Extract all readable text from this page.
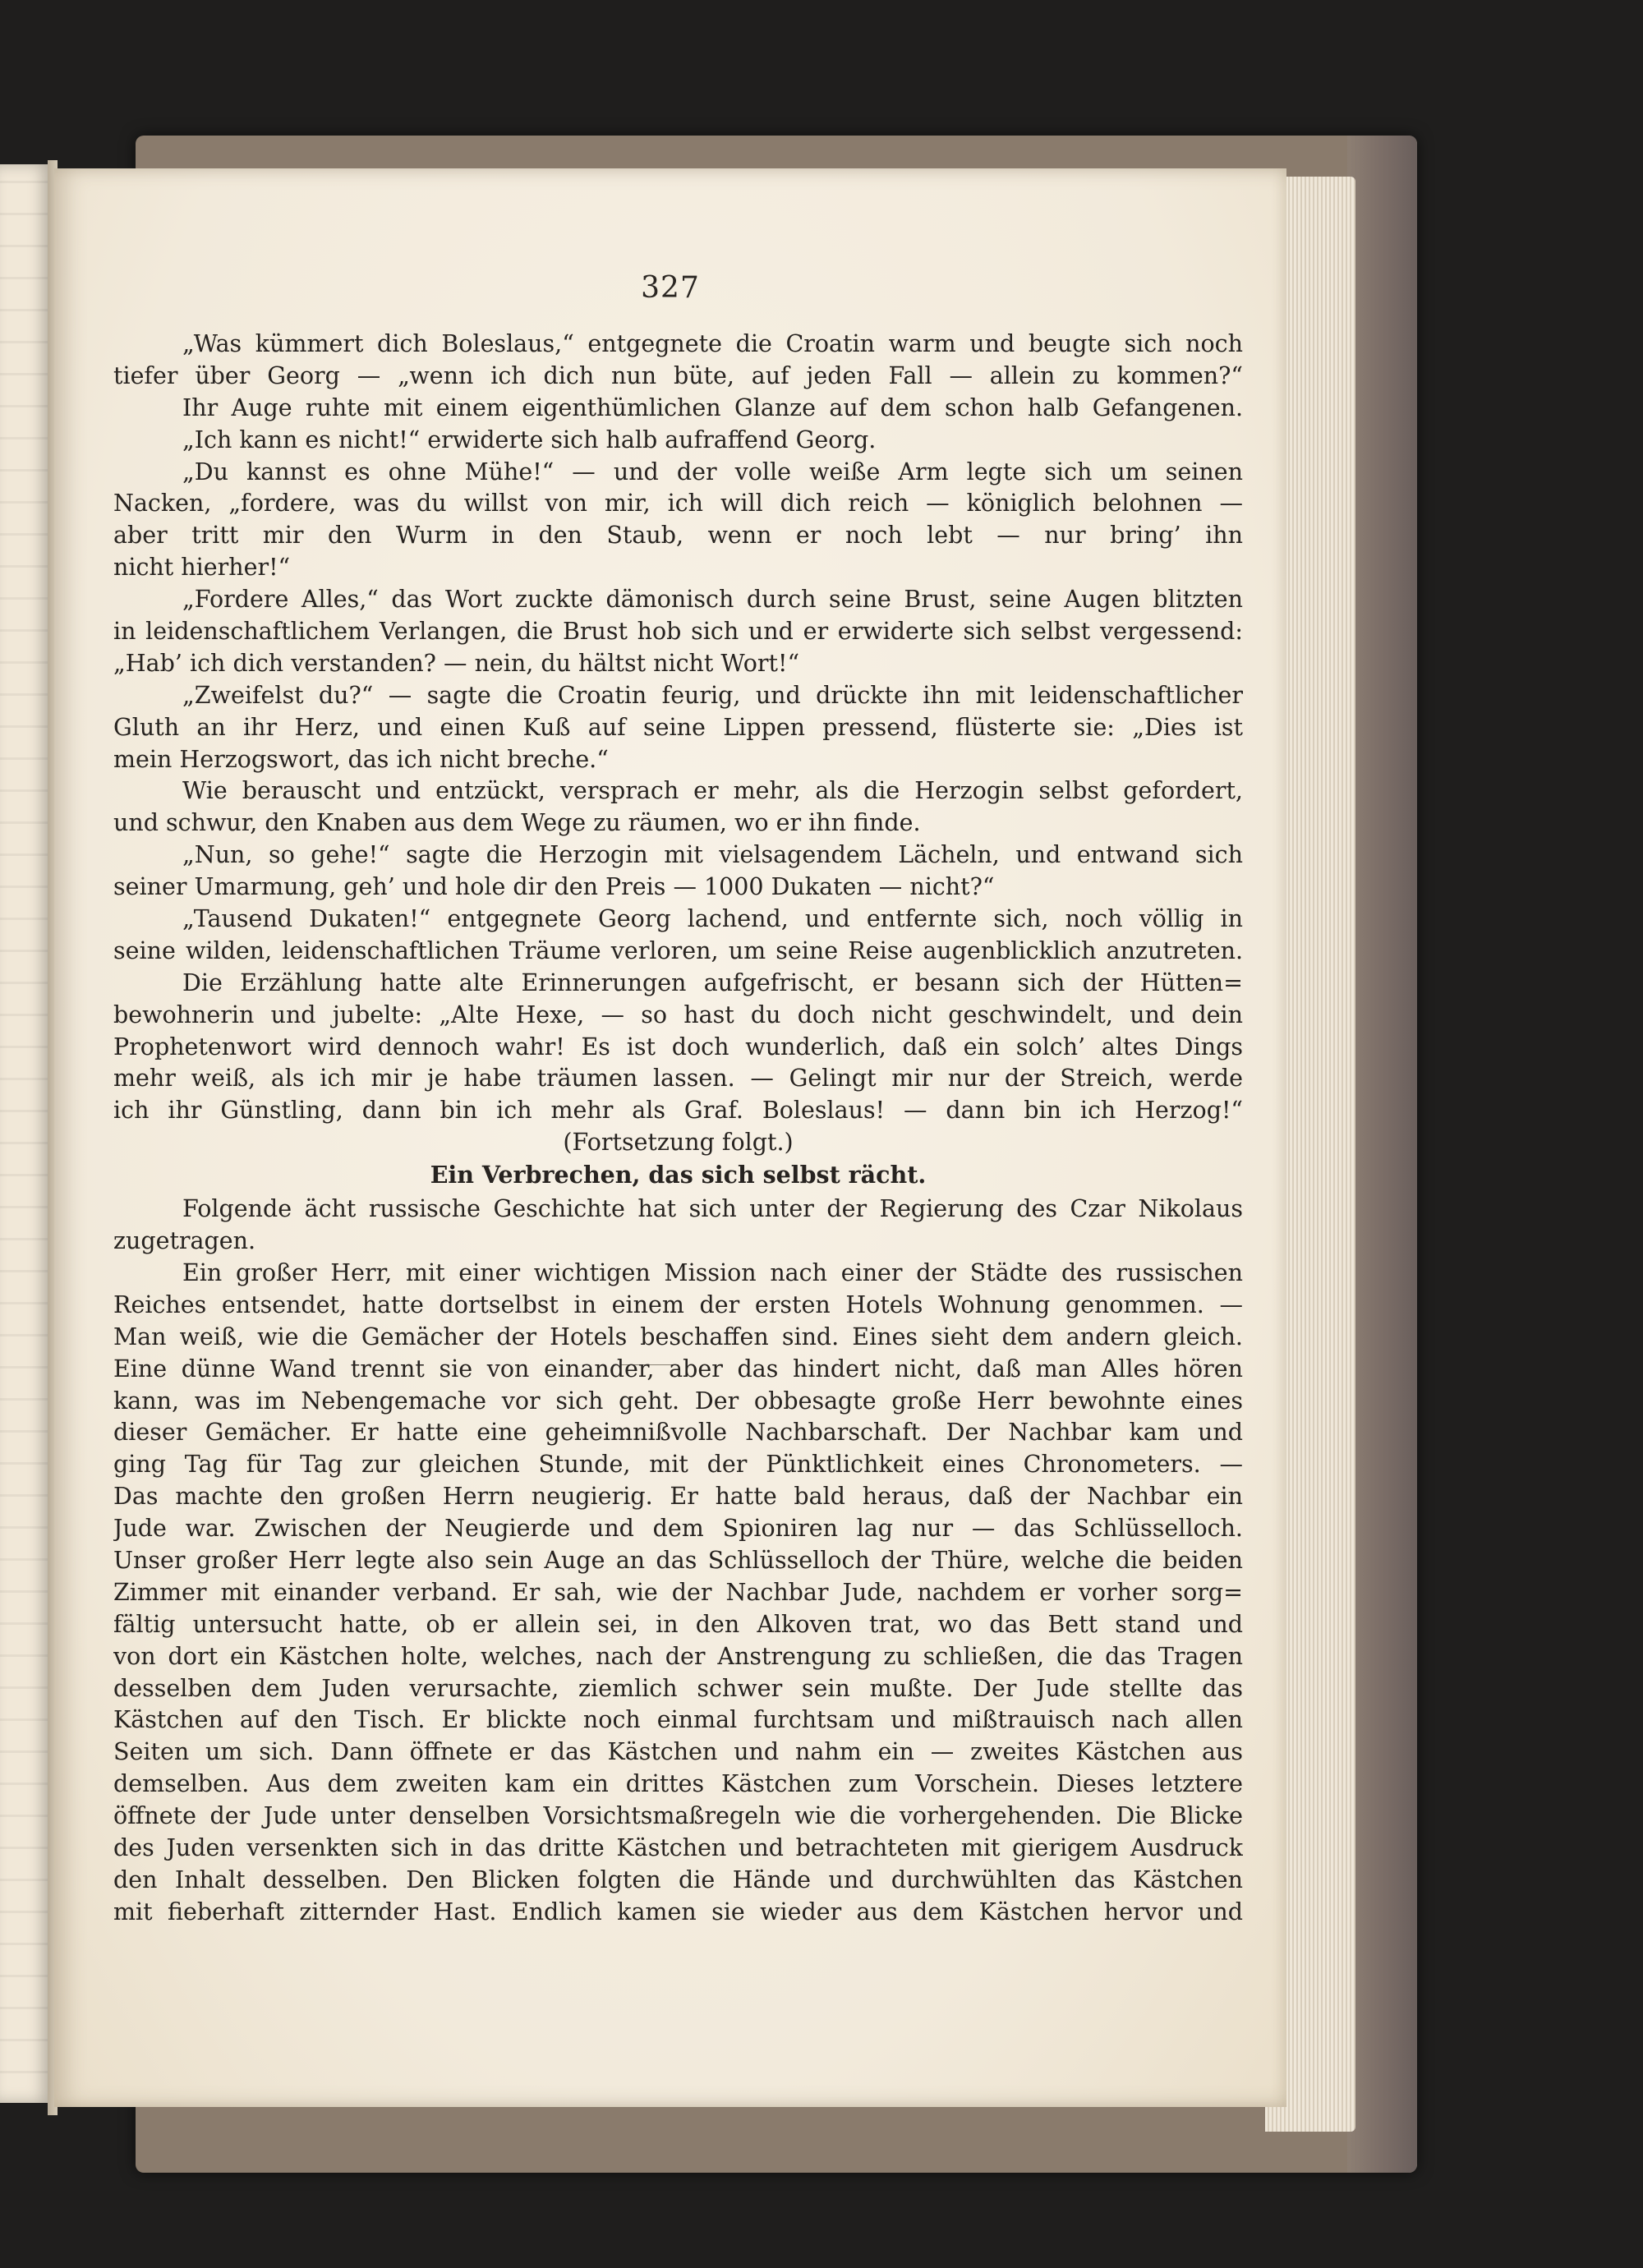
327
„Was kümmert dich Boleslaus,“ entgegnete die Croatin warm und beugte sich noch
tiefer über Georg — „wenn ich dich nun büte, auf jeden Fall — allein zu kommen?“
Ihr Auge ruhte mit einem eigenthümlichen Glanze auf dem schon halb Gefangenen.
„Ich kann es nicht!“ erwiderte sich halb aufraffend Georg.
„Du kannst es ohne Mühe!“ — und der volle weiße Arm legte sich um seinen
Nacken, „fordere, was du willst von mir, ich will dich reich — königlich belohnen —
aber tritt mir den Wurm in den Staub, wenn er noch lebt — nur bring’ ihn
nicht hierher!“
„Fordere Alles,“ das Wort zuckte dämonisch durch seine Brust, seine Augen blitzten
in leidenschaftlichem Verlangen, die Brust hob sich und er erwiderte sich selbst vergessend:
„Hab’ ich dich verstanden? — nein, du hältst nicht Wort!“
„Zweifelst du?“ — sagte die Croatin feurig, und drückte ihn mit leidenschaftlicher
Gluth an ihr Herz, und einen Kuß auf seine Lippen pressend, flüsterte sie: „Dies ist
mein Herzogswort, das ich nicht breche.“
Wie berauscht und entzückt, versprach er mehr, als die Herzogin selbst gefordert,
und schwur, den Knaben aus dem Wege zu räumen, wo er ihn finde.
„Nun, so gehe!“ sagte die Herzogin mit vielsagendem Lächeln, und entwand sich
seiner Umarmung, geh’ und hole dir den Preis — 1000 Dukaten — nicht?“
„Tausend Dukaten!“ entgegnete Georg lachend, und entfernte sich, noch völlig in
seine wilden, leidenschaftlichen Träume verloren, um seine Reise augenblicklich anzutreten.
Die Erzählung hatte alte Erinnerungen aufgefrischt, er besann sich der Hütten=
bewohnerin und jubelte: „Alte Hexe, — so hast du doch nicht geschwindelt, und dein
Prophetenwort wird dennoch wahr! Es ist doch wunderlich, daß ein solch’ altes Dings
mehr weiß, als ich mir je habe träumen lassen. — Gelingt mir nur der Streich, werde
ich ihr Günstling, dann bin ich mehr als Graf. Boleslaus! — dann bin ich Herzog!“
(Fortsetzung folgt.)
Ein Verbrechen, das sich selbst rächt.
Folgende ächt russische Geschichte hat sich unter der Regierung des Czar Nikolaus
zugetragen.
Ein großer Herr, mit einer wichtigen Mission nach einer der Städte des russischen
Reiches entsendet, hatte dortselbst in einem der ersten Hotels Wohnung genommen. —
Man weiß, wie die Gemächer der Hotels beschaffen sind. Eines sieht dem andern gleich.
Eine dünne Wand trennt sie von einander, aber das hindert nicht, daß man Alles hören
kann, was im Nebengemache vor sich geht. Der obbesagte große Herr bewohnte eines
dieser Gemächer. Er hatte eine geheimnißvolle Nachbarschaft. Der Nachbar kam und
ging Tag für Tag zur gleichen Stunde, mit der Pünktlichkeit eines Chronometers. —
Das machte den großen Herrn neugierig. Er hatte bald heraus, daß der Nachbar ein
Jude war. Zwischen der Neugierde und dem Spioniren lag nur — das Schlüsselloch.
Unser großer Herr legte also sein Auge an das Schlüsselloch der Thüre, welche die beiden
Zimmer mit einander verband. Er sah, wie der Nachbar Jude, nachdem er vorher sorg=
fältig untersucht hatte, ob er allein sei, in den Alkoven trat, wo das Bett stand und
von dort ein Kästchen holte, welches, nach der Anstrengung zu schließen, die das Tragen
desselben dem Juden verursachte, ziemlich schwer sein mußte. Der Jude stellte das
Kästchen auf den Tisch. Er blickte noch einmal furchtsam und mißtrauisch nach allen
Seiten um sich. Dann öffnete er das Kästchen und nahm ein — zweites Kästchen aus
demselben. Aus dem zweiten kam ein drittes Kästchen zum Vorschein. Dieses letztere
öffnete der Jude unter denselben Vorsichtsmaßregeln wie die vorhergehenden. Die Blicke
des Juden versenkten sich in das dritte Kästchen und betrachteten mit gierigem Ausdruck
den Inhalt desselben. Den Blicken folgten die Hände und durchwühlten das Kästchen
mit fieberhaft zitternder Hast. Endlich kamen sie wieder aus dem Kästchen hervor und
